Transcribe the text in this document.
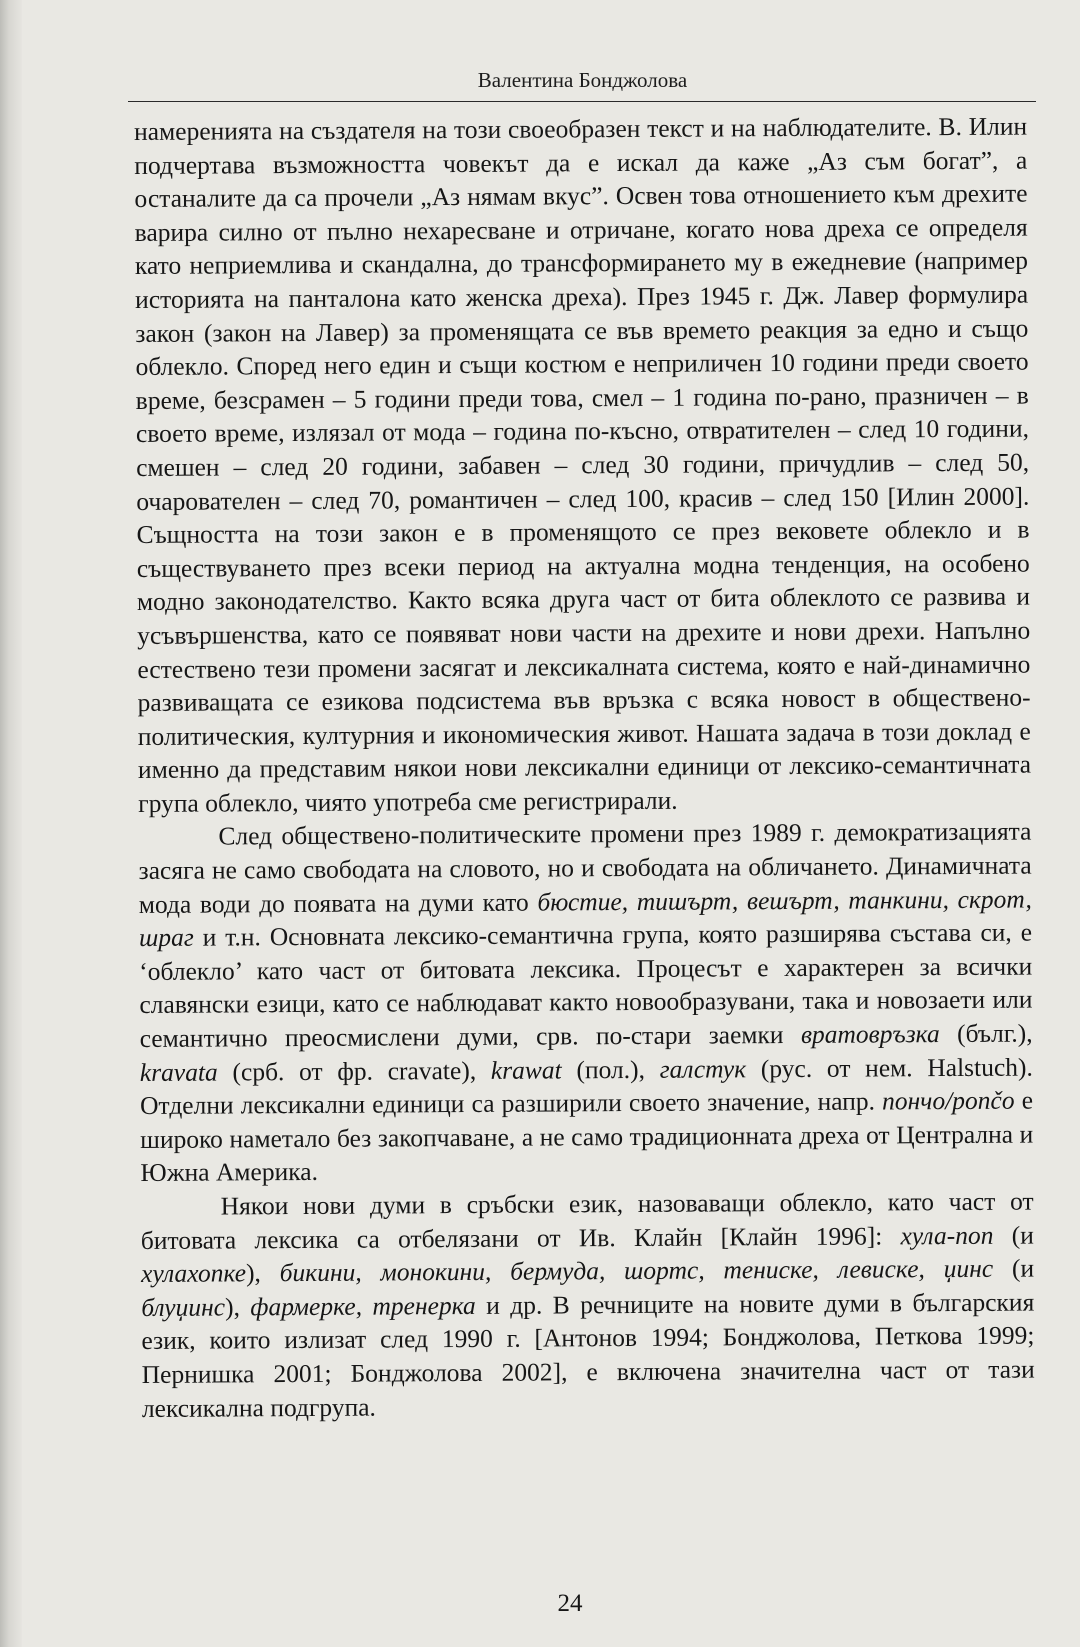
Валентина Бонджолова

намеренията на създателя на този своеобразен текст и на наблюдателите. В. Илин подчертава възможността човекът да е искал да каже „Аз съм богат”, а останалите да са прочели „Аз нямам вкус”. Освен това отношението към дрехите варира силно от пълно нехаресване и отричане, когато нова дреха се определя като неприемлива и скандална, до трансформирането му в ежедневие (например историята на панталона като женска дреха). През 1945 г. Дж. Лавер формулира закон (закон на Лавер) за променящата се във времето реакция за едно и също облекло. Според него един и същи костюм е неприличен 10 години преди своето време, безсрамен – 5 години преди това, смел – 1 година по-рано, празничен – в своето време, излязал от мода – година по-късно, отвратителен – след 10 години, смешен – след 20 години, забавен – след 30 години, причудлив – след 50, очарователен – след 70, романтичен – след 100, красив – след 150 [Илин 2000]. Същността на този закон е в променящото се през вековете облекло и в съществуването през всеки период на актуална модна тенденция, на особено модно законодателство. Както всяка друга част от бита облеклото се развива и усъвършенства, като се появяват нови части на дрехите и нови дрехи. Напълно естествено тези промени засягат и лексикалната система, която е най-динамично развиващата се езикова подсистема във връзка с всяка новост в обществено-политическия, културния и икономическия живот. Нашата задача в този доклад е именно да представим някои нови лексикални единици от лексико-семантичната група облекло, чиято употреба сме регистрирали.

След обществено-политическите промени през 1989 г. демократизацията засяга не само свободата на словото, но и свободата на обличането. Динамичната мода води до появата на думи като бюстие, тишърт, вешърт, танкини, скрот, шраг и т.н. Основната лексико-семантична група, която разширява състава си, е ‘облекло’ като част от битовата лексика. Процесът е характерен за всички славянски езици, като се наблюдават както новообразувани, така и новозаети или семантично преосмислени думи, срв. по-стари заемки вратовръзка (бълг.), kravata (срб. от фр. cravate), krawat (пол.), галстук (рус. от нем. Halstuch). Отделни лексикални единици са разширили своето значение, напр. пончо/pončo е широко наметало без закопчаване, а не само традиционната дреха от Централна и Южна Америка.

Някои нови думи в сръбски език, назоваващи облекло, като част от битовата лексика са отбелязани от Ив. Клайн [Клайн 1996]: хула-поп (и хулахопке), бикини, монокини, бермуда, шортс, тениске, левиске, џинс (и блуџинс), фармерке, тренерка и др. В речниците на новите думи в българския език, които излизат след 1990 г. [Антонов 1994; Бонджолова, Петкова 1999; Пернишка 2001; Бонджолова 2002], е включена значителна част от тази лексикална подгрупа.

24
